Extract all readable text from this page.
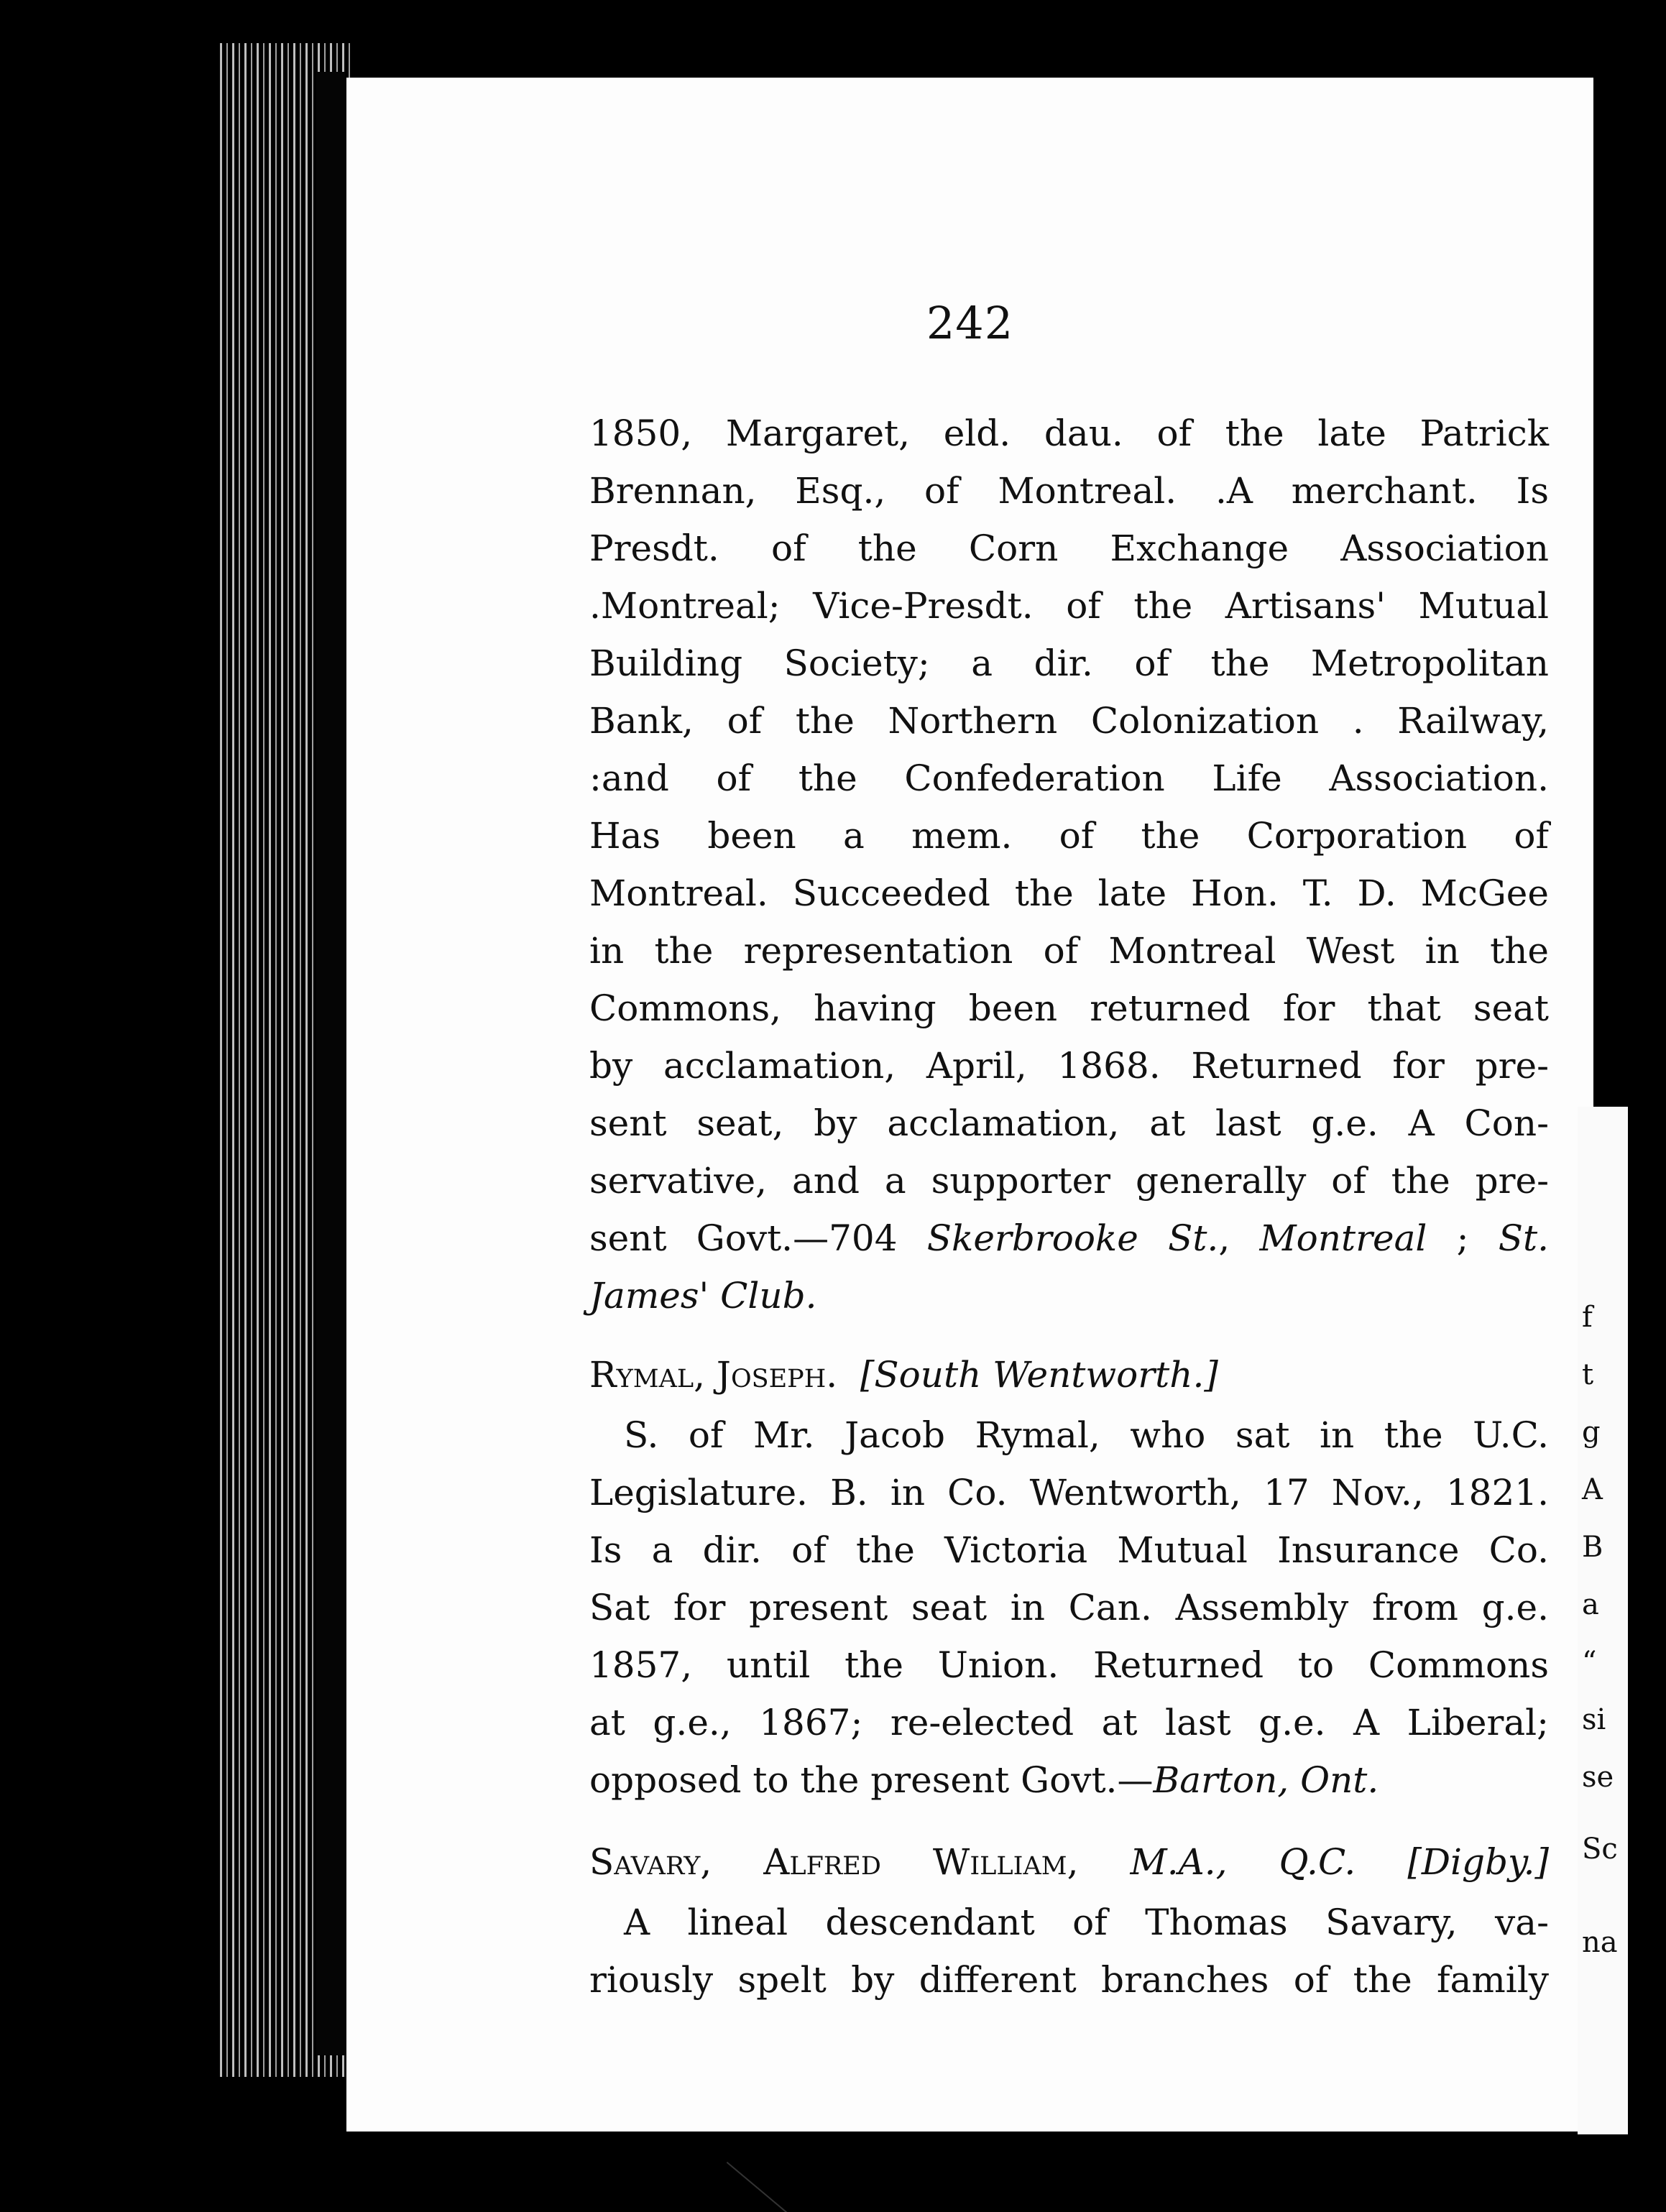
242
1850, Margaret, eld. dau. of the late Patrick
Brennan, Esq., of Montreal. .A merchant. Is
Presdt. of the Corn Exchange Association
.Montreal; Vice-Presdt. of the Artisans' Mutual
Building Society; a dir. of the Metropolitan
Bank, of the Northern Colonization . Railway,
:and of the Confederation Life Association.
Has been a mem. of the Corporation of
Montreal. Succeeded the late Hon. T. D. McGee
in the representation of Montreal West in the
Commons, having been returned for that seat
by acclamation, April, 1868. Returned for pre-
sent seat, by acclamation, at last g.e. A Con-
servative, and a supporter generally of the pre-
sent Govt.—704 Skerbrooke St., Montreal ; St.
James' Club.
Rymal, Joseph. [South Wentworth.]
S. of Mr. Jacob Rymal, who sat in the U.C.
Legislature. B. in Co. Wentworth, 17 Nov., 1821.
Is a dir. of the Victoria Mutual Insurance Co.
Sat for present seat in Can. Assembly from g.e.
1857, until the Union. Returned to Commons
at g.e., 1867; re-elected at last g.e. A Liberal;
opposed to the present Govt.—Barton, Ont.
Savary, Alfred William, M.A., Q.C. [Digby.]
A lineal descendant of Thomas Savary, va-
riously spelt by different branches of the family
f
t
g
A
B
a
“
si
se
Sc
na
